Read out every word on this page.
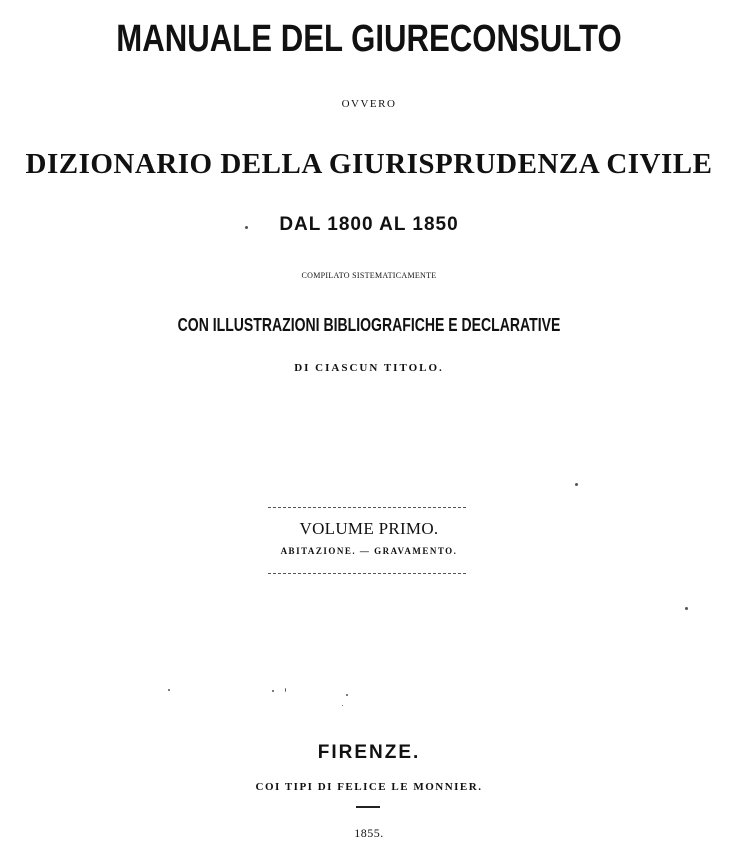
MANUALE DEL GIURECONSULTO

OVVERO

DIZIONARIO DELLA GIURISPRUDENZA CIVILE

DAL 1800 AL 1850

COMPILATO SISTEMATICAMENTE

CON ILLUSTRAZIONI BIBLIOGRAFICHE E DECLARATIVE

DI CIASCUN TITOLO.

VOLUME PRIMO.

ABITAZIONE. — GRAVAMENTO.

FIRENZE.

COI TIPI DI FELICE LE MONNIER.

1855.
